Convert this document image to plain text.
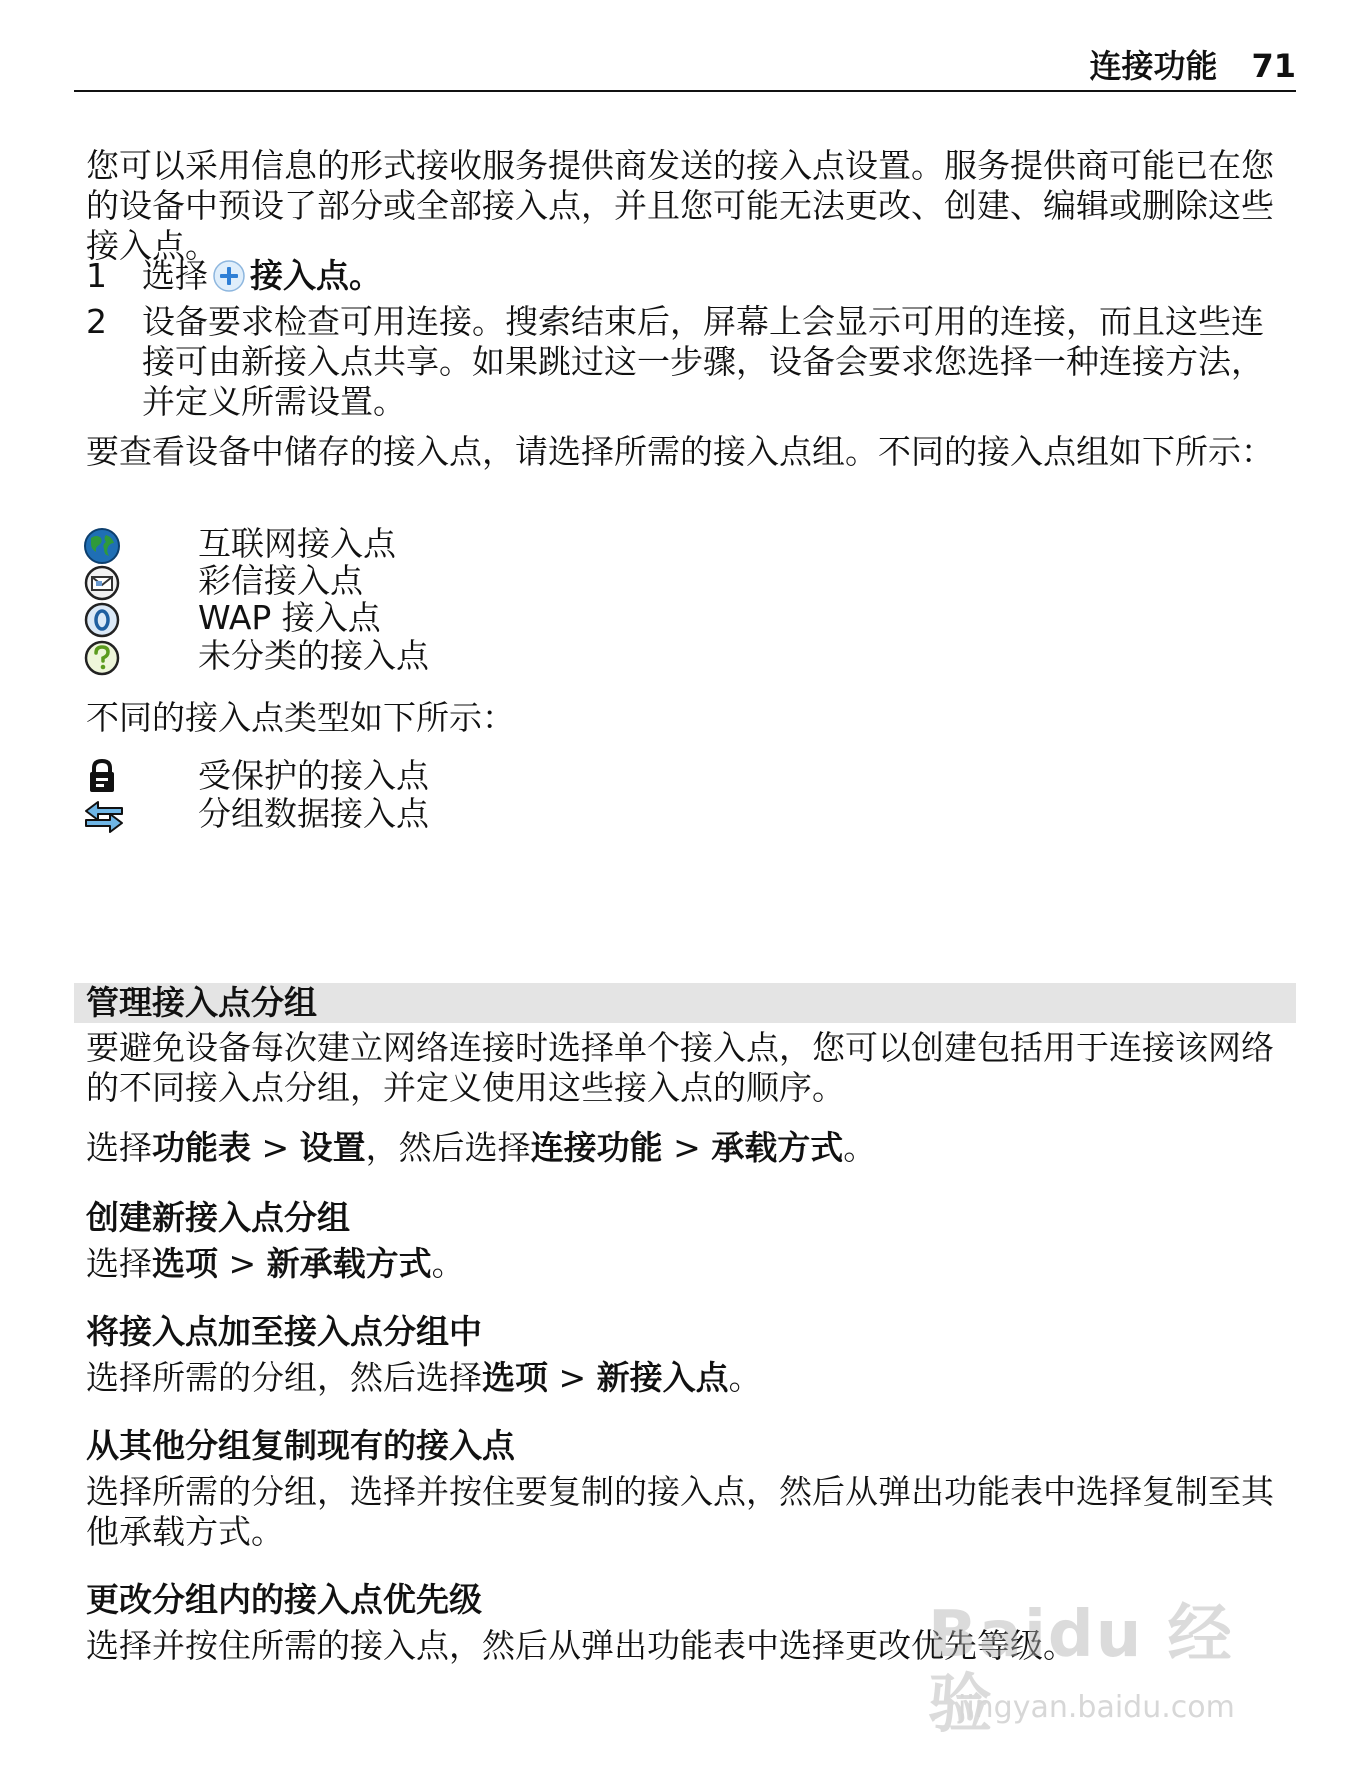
连接功能 71

您可以采用信息的形式接收服务提供商发送的接入点设置。服务提供商可能已在您的设备中预设了部分或全部接入点，并且您可能无法更改、创建、编辑或删除这些接入点。

1	选择 接入点。
2	设备要求检查可用连接。搜索结束后，屏幕上会显示可用的连接，而且这些连接可由新接入点共享。如果跳过这一步骤，设备会要求您选择一种连接方法，并定义所需设置。

要查看设备中储存的接入点，请选择所需的接入点组。不同的接入点组如下所示：

互联网接入点
彩信接入点
WAP 接入点
未分类的接入点

不同的接入点类型如下所示：

受保护的接入点
分组数据接入点
管理接入点分组

要避免设备每次建立网络连接时选择单个接入点，您可以创建包括用于连接该网络的不同接入点分组，并定义使用这些接入点的顺序。

选择功能表 > 设置，然后选择连接功能 > 承载方式。

创建新接入点分组

选择选项 > 新承载方式。

将接入点加至接入点分组中

选择所需的分组，然后选择选项 > 新接入点。

从其他分组复制现有的接入点

选择所需的分组，选择并按住要复制的接入点，然后从弹出功能表中选择复制至其他承载方式。

更改分组内的接入点优先级

选择并按住所需的接入点，然后从弹出功能表中选择更改优先等级。

Baidu 经验
jingyan.baidu.com
